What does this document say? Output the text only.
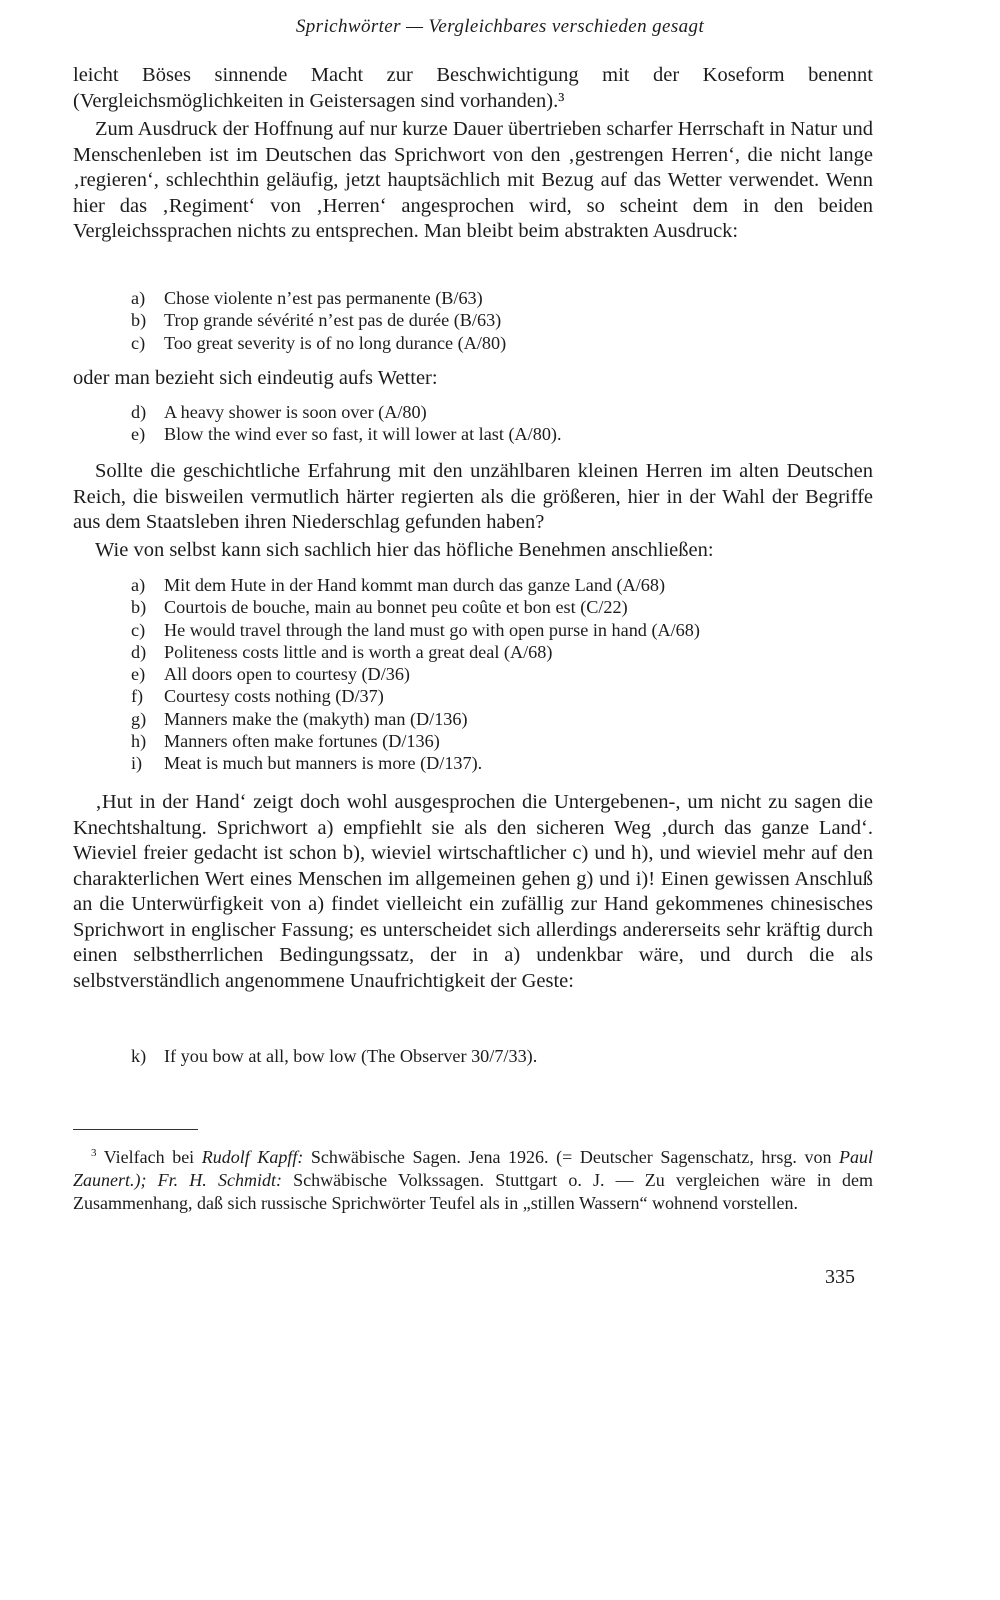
Sprichwörter — Vergleichbares verschieden gesagt

leicht Böses sinnende Macht zur Beschwichtigung mit der Koseform benennt (Vergleichsmöglichkeiten in Geistersagen sind vorhanden).³

Zum Ausdruck der Hoffnung auf nur kurze Dauer übertrieben scharfer Herrschaft in Natur und Menschenleben ist im Deutschen das Sprichwort von den ‚gestrengen Herren‘, die nicht lange ‚regieren‘, schlechthin geläufig, jetzt hauptsächlich mit Bezug auf das Wetter verwendet. Wenn hier das ‚Regiment‘ von ‚Herren‘ angesprochen wird, so scheint dem in den beiden Vergleichssprachen nichts zu entsprechen. Man bleibt beim abstrakten Ausdruck:

a) Chose violente n’est pas permanente (B/63)
b) Trop grande sévérité n’est pas de durée (B/63)
c) Too great severity is of no long durance (A/80)

oder man bezieht sich eindeutig aufs Wetter:

d) A heavy shower is soon over (A/80)
e) Blow the wind ever so fast, it will lower at last (A/80).

Sollte die geschichtliche Erfahrung mit den unzählbaren kleinen Herren im alten Deutschen Reich, die bisweilen vermutlich härter regierten als die größeren, hier in der Wahl der Begriffe aus dem Staatsleben ihren Niederschlag gefunden haben?

Wie von selbst kann sich sachlich hier das höfliche Benehmen anschließen:

a) Mit dem Hute in der Hand kommt man durch das ganze Land (A/68)
b) Courtois de bouche, main au bonnet peu coûte et bon est (C/22)
c) He would travel through the land must go with open purse in hand (A/68)
d) Politeness costs little and is worth a great deal (A/68)
e) All doors open to courtesy (D/36)
f) Courtesy costs nothing (D/37)
g) Manners make the (makyth) man (D/136)
h) Manners often make fortunes (D/136)
i) Meat is much but manners is more (D/137).

‚Hut in der Hand‘ zeigt doch wohl ausgesprochen die Untergebenen-, um nicht zu sagen die Knechtshaltung. Sprichwort a) empfiehlt sie als den sicheren Weg ‚durch das ganze Land‘. Wieviel freier gedacht ist schon b), wieviel wirtschaftlicher c) und h), und wieviel mehr auf den charakterlichen Wert eines Menschen im allgemeinen gehen g) und i)! Einen gewissen Anschluß an die Unterwürfigkeit von a) findet vielleicht ein zufällig zur Hand gekommenes chinesisches Sprichwort in englischer Fassung; es unterscheidet sich allerdings andererseits sehr kräftig durch einen selbstherrlichen Bedingungssatz, der in a) undenkbar wäre, und durch die als selbstverständlich angenommene Unaufrichtigkeit der Geste:

k) If you bow at all, bow low (The Observer 30/7/33).

$^3$ Vielfach bei Rudolf Kapff: Schwäbische Sagen. Jena 1926. (= Deutscher Sagenschatz, hrsg. von Paul Zaunert.); Fr. H. Schmidt: Schwäbische Volkssagen. Stuttgart o. J. — Zu vergleichen wäre in dem Zusammenhang, daß sich russische Sprichwörter Teufel als in „stillen Wassern“ wohnend vorstellen.

335
